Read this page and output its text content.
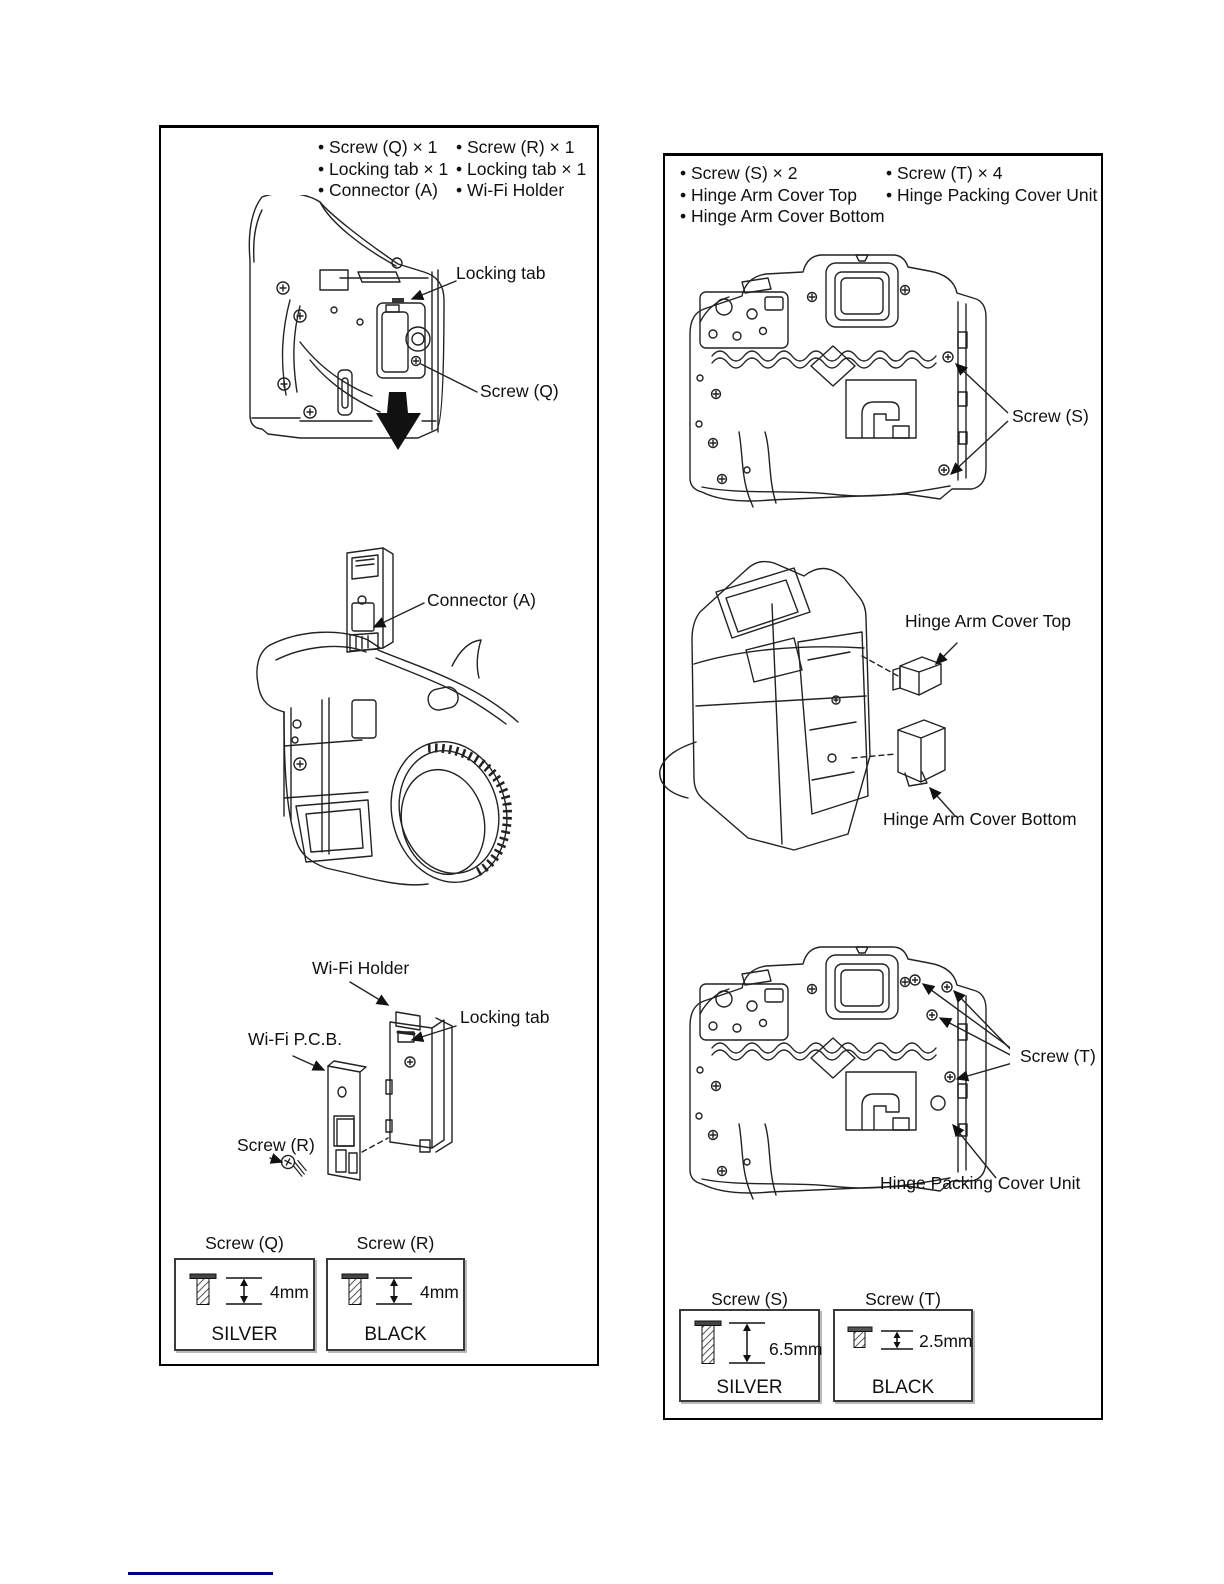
• Screw (Q) × 1
• Locking tab × 1
• Connector (A)
• Screw (R) × 1
• Locking tab × 1
• Wi-Fi Holder
Locking tab
Screw (Q)
Connector (A)
Wi-Fi Holder
Locking tab
Wi-Fi P.C.B.
Screw (R)
Screw (Q)	Screw (R)
4mm
SILVER
4mm
BLACK
• Screw (S) × 2
• Hinge Arm Cover Top
• Hinge Arm Cover Bottom
• Screw (T) × 4
• Hinge Packing Cover Unit
Screw (S)
Hinge Arm Cover Top
Hinge Arm Cover Bottom
Screw (T)
Hinge Packing Cover Unit
Screw (S)	Screw (T)
6.5mm
SILVER
2.5mm
BLACK
